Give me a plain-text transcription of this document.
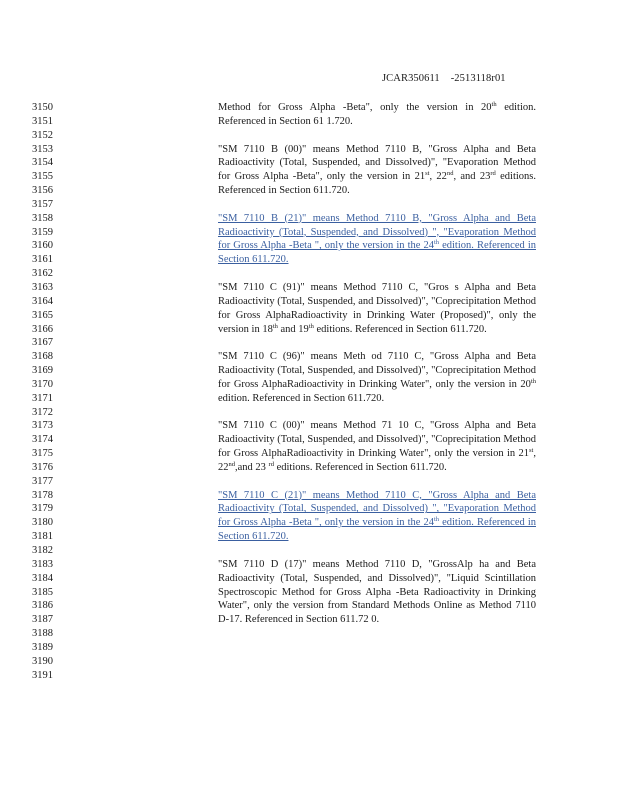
JCAR350611 -2513118r01
3150
3151
3152
3153
3154
3155
3156
3157
3158
3159
3160
3161
3162
3163
3164
3165
3166
3167
3168
3169
3170
3171
3172
3173
3174
3175
3176
3177
3178
3179
3180
3181
3182
3183
3184
3185
3186
3187
3188
3189
3190
3191

Method for Gross Alpha -Beta", only the version in 20th edition. Referenced in Section 61 1.720.

"SM 7110 B (00)" means Method 7110 B, "Gross Alpha and Beta Radioactivity (Total, Suspended, and Dissolved)", "Evaporation Method for Gross Alpha -Beta", only the version in 21st, 22nd, and 23rd editions. Referenced in Section 611.720.

"SM 7110 B (21)" means Method 7110 B, "Gross Alpha and Beta Radioactivity (Total, Suspended, and Dissolved) ", "Evaporation Method for Gross Alpha -Beta ", only the version in the 24th edition. Referenced in Section 611.720.

"SM 7110 C (91)" means Method 7110 C, "Gros s Alpha and Beta Radioactivity (Total, Suspended, and Dissolved)", "Coprecipitation Method for Gross AlphaRadioactivity in Drinking Water (Proposed)", only the version in 18th and 19th editions. Referenced in Section 611.720.

"SM 7110 C (96)" means Meth od 7110 C, "Gross Alpha and Beta Radioactivity (Total, Suspended, and Dissolved)", "Coprecipitation Method for Gross AlphaRadioactivity in Drinking Water", only the version in 20th edition. Referenced in Section 611.720.

"SM 7110 C (00)" means Method 71 10 C, "Gross Alpha and Beta Radioactivity (Total, Suspended, and Dissolved)", "Coprecipitation Method for Gross AlphaRadioactivity in Drinking Water", only the version in 21st, 22nd,and 23 $^{rd}$ editions. Referenced in Section 611.720.

"SM 7110 C (21)" means Method 7110 C, "Gross Alpha and Beta Radioactivity (Total, Suspended, and Dissolved) ", "Evaporation Method for Gross Alpha -Beta ", only the version in the 24th edition. Referenced in Section 611.720.

"SM 7110 D (17)" means Method 7110 D, "GrossAlp ha and Beta Radioactivity (Total, Suspended, and Dissolved)", "Liquid Scintillation Spectroscopic Method for Gross Alpha -Beta Radioactivity in Drinking Water", only the version from Standard Methods Online as Method 7110 D-17. Referenced in Section 611.72 0.
